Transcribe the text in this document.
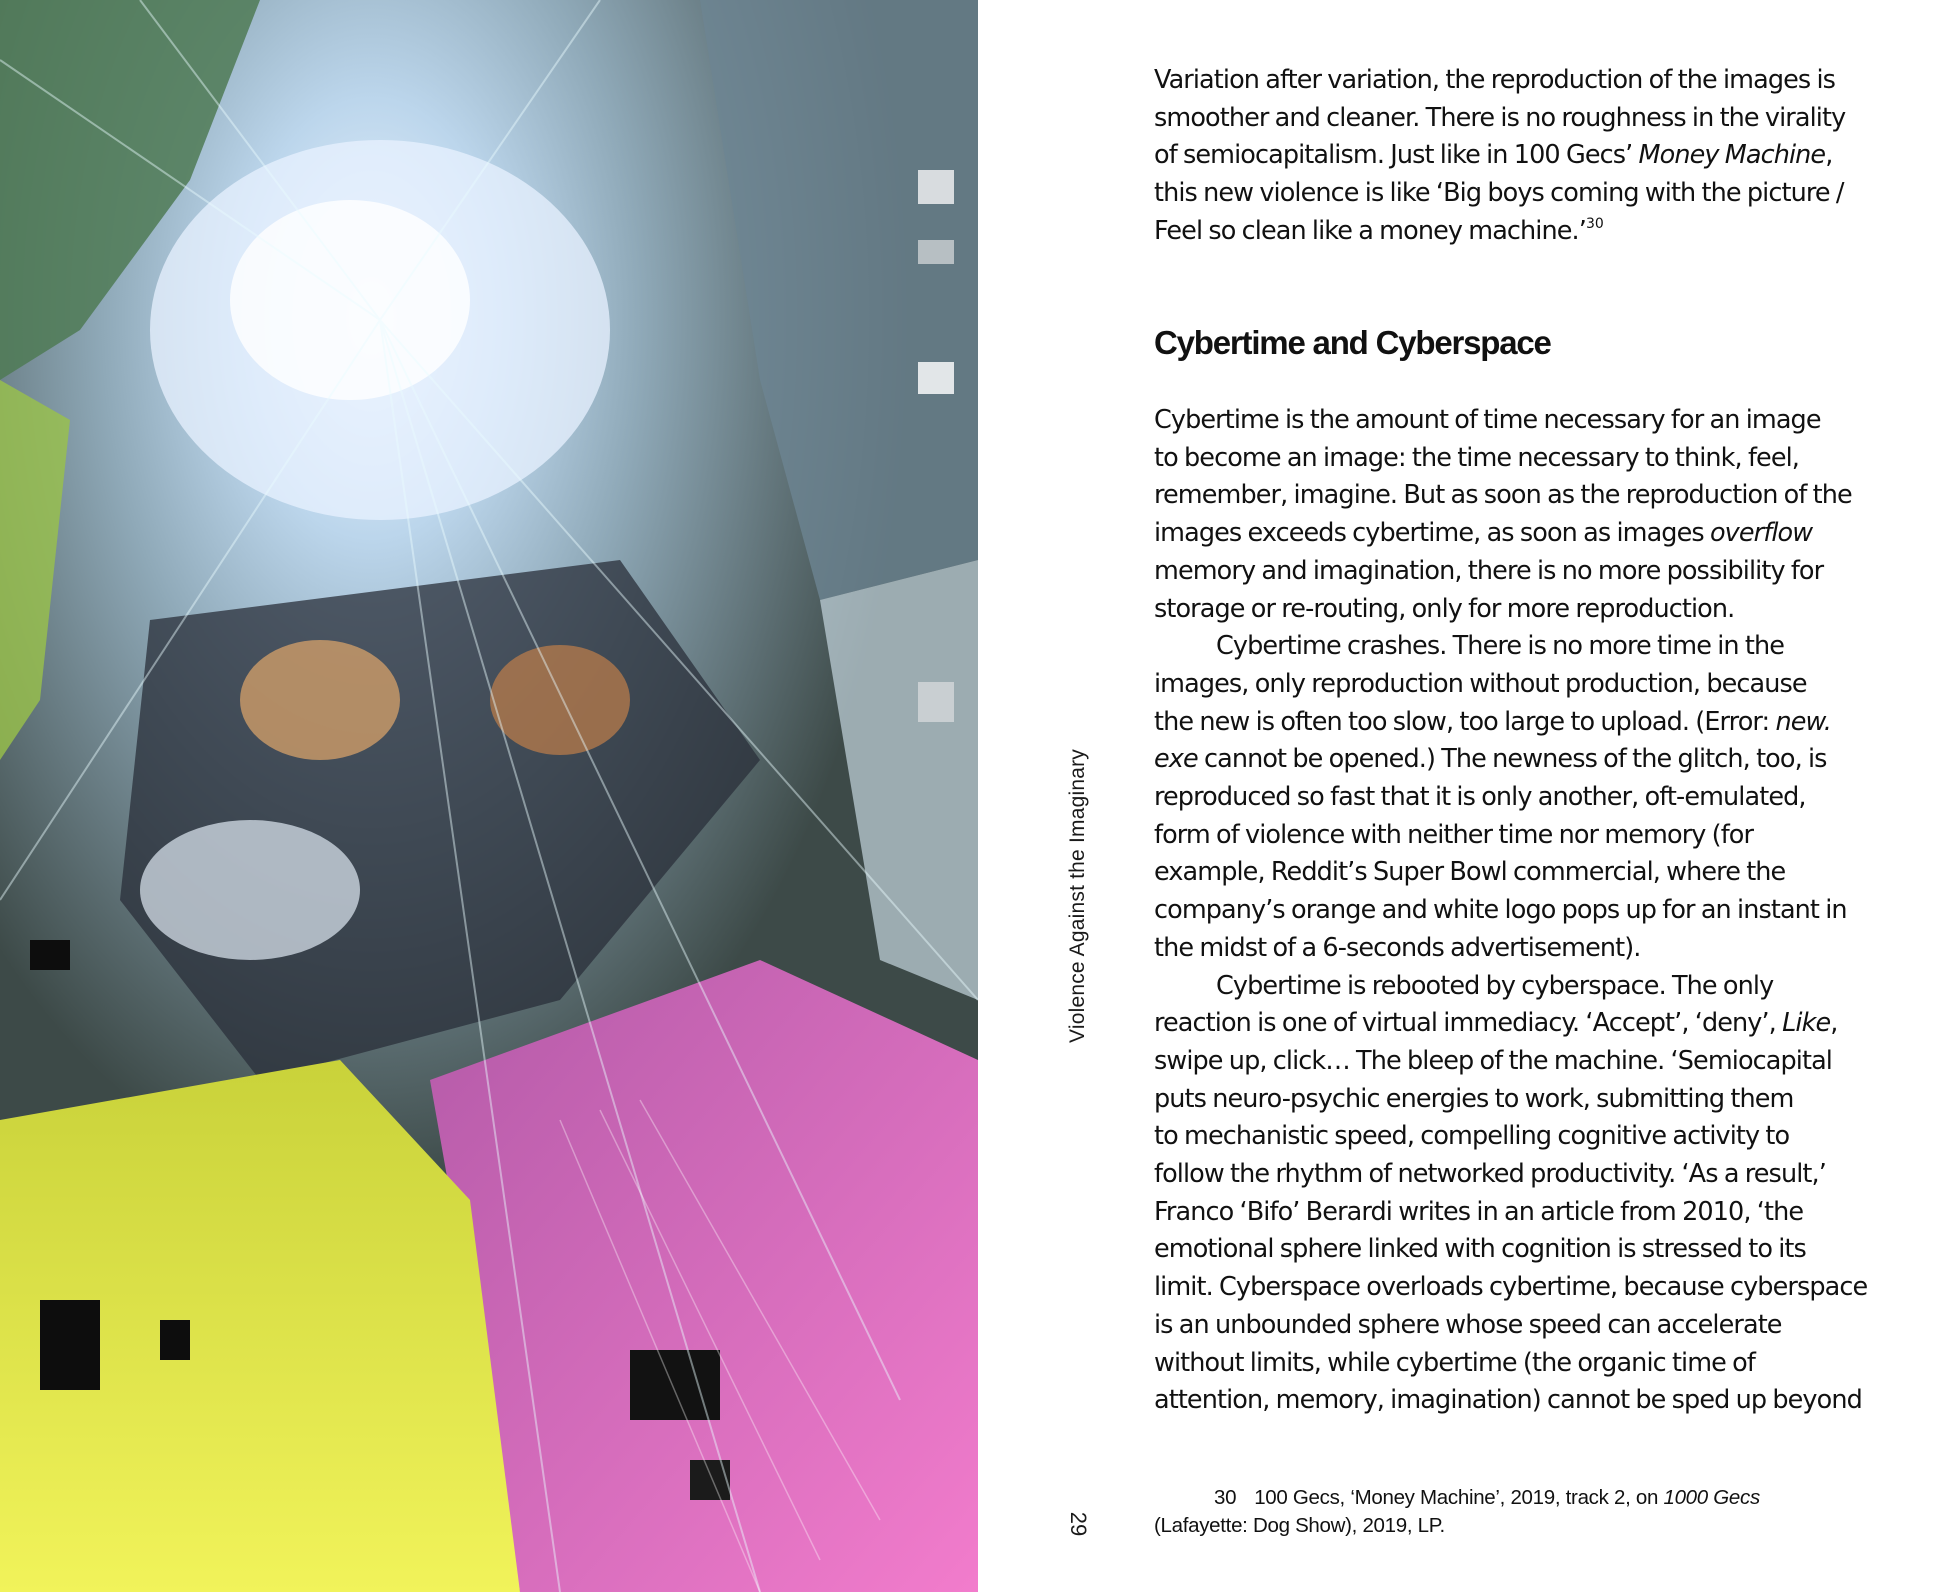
Violence Against the Imaginary

Variation after variation, the reproduction of the images is
smoother and cleaner. There is no roughness in the virality
of semiocapitalism. Just like in 100 Gecs’ Money Machine,
this new violence is like ‘Big boys coming with the picture /
Feel so clean like a money machine.’$^{30}$

Cybertime and Cyberspace

Cybertime is the amount of time necessary for an image
to become an image: the time necessary to think, feel,
remember, imagine. But as soon as the reproduction of the
images exceeds cybertime, as soon as images overflow
memory and imagination, there is no more possibility for
storage or re-routing, only for more reproduction.
Cybertime crashes. There is no more time in the
images, only reproduction without production, because
the new is often too slow, too large to upload. (Error: new.
exe cannot be opened.) The newness of the glitch, too, is
reproduced so fast that it is only another, oft-emulated,
form of violence with neither time nor memory (for
example, Reddit’s Super Bowl commercial, where the
company’s orange and white logo pops up for an instant in
the midst of a 6-seconds advertisement).
Cybertime is rebooted by cyberspace. The only
reaction is one of virtual immediacy. ‘Accept’, ‘deny’, Like,
swipe up, click… The bleep of the machine. ‘Semiocapital
puts neuro-psychic energies to work, submitting them
to mechanistic speed, compelling cognitive activity to
follow the rhythm of networked productivity. ‘As a result,’
Franco ‘Bifo’ Berardi writes in an article from 2010, ‘the
emotional sphere linked with cognition is stressed to its
limit. Cyberspace overloads cybertime, because cyberspace
is an unbounded sphere whose speed can accelerate
without limits, while cybertime (the organic time of
attention, memory, imagination) cannot be sped up beyond

30 100 Gecs, ‘Money Machine’, 2019, track 2, on 1000 Gecs
(Lafayette: Dog Show), 2019, LP.
29
